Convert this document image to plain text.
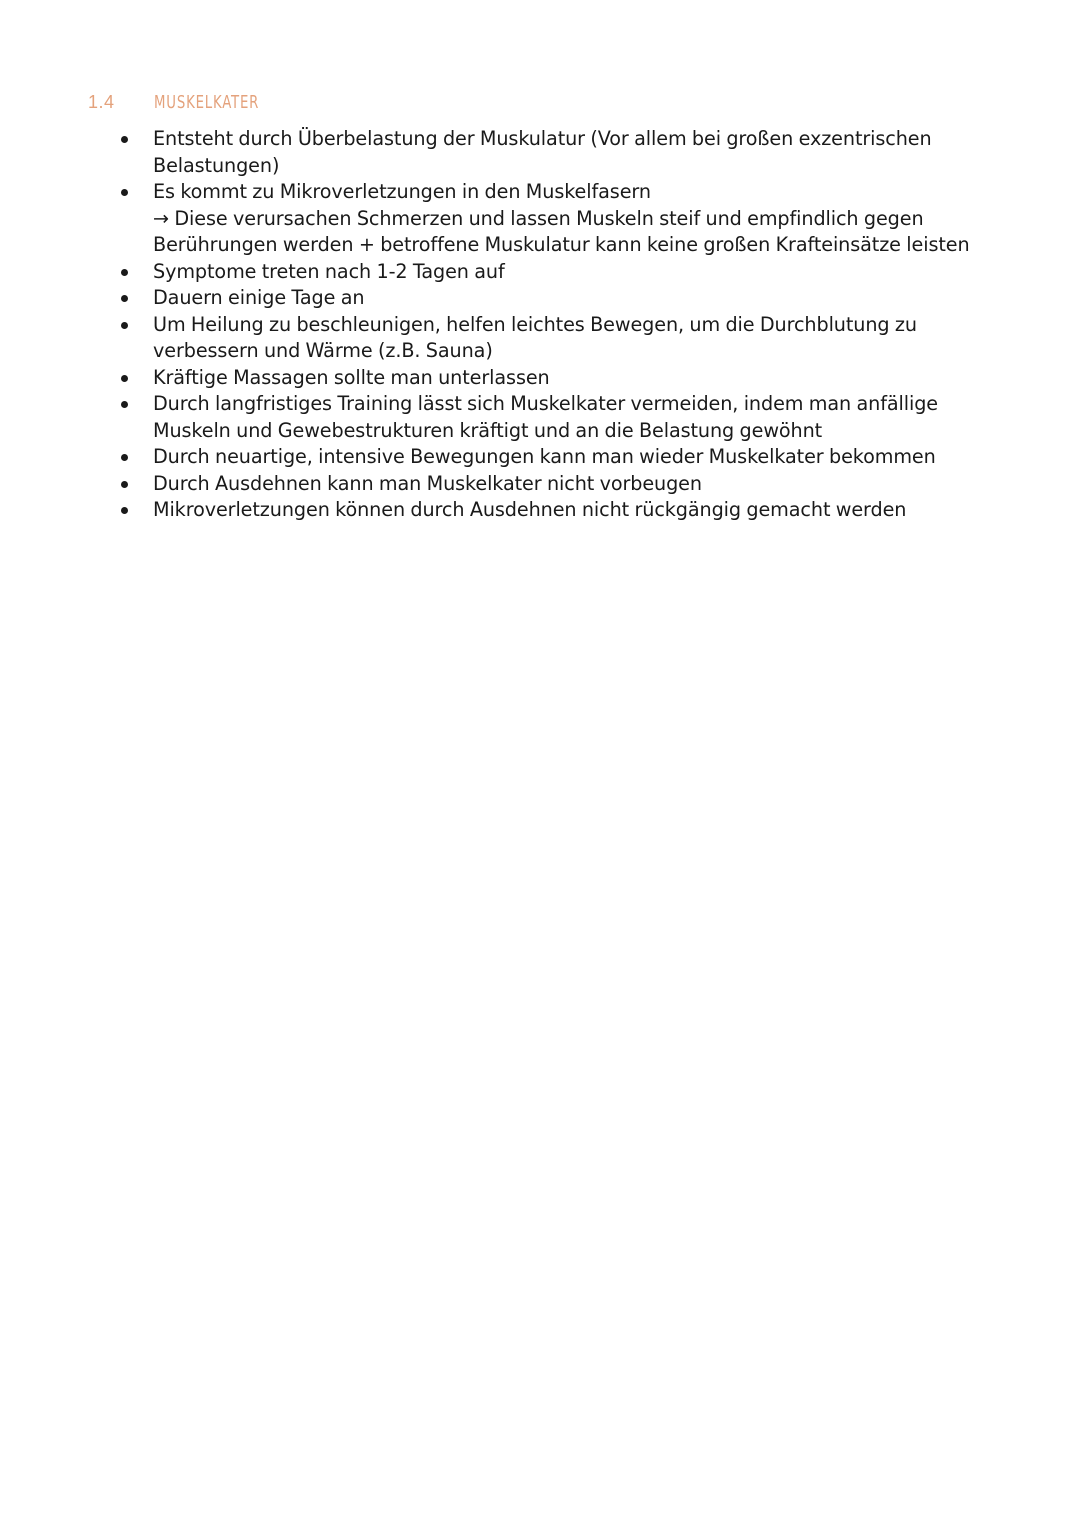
1.4 MUSKELKATER
Entsteht durch Überbelastung der Muskulatur (Vor allem bei großen exzentrischen
Belastungen)
Es kommt zu Mikroverletzungen in den Muskelfasern
→ Diese verursachen Schmerzen und lassen Muskeln steif und empfindlich gegen
Berührungen werden + betroffene Muskulatur kann keine großen Krafteinsätze leisten
Symptome treten nach 1-2 Tagen auf
Dauern einige Tage an
Um Heilung zu beschleunigen, helfen leichtes Bewegen, um die Durchblutung zu
verbessern und Wärme (z.B. Sauna)
Kräftige Massagen sollte man unterlassen
Durch langfristiges Training lässt sich Muskelkater vermeiden, indem man anfällige
Muskeln und Gewebestrukturen kräftigt und an die Belastung gewöhnt
Durch neuartige, intensive Bewegungen kann man wieder Muskelkater bekommen
Durch Ausdehnen kann man Muskelkater nicht vorbeugen
Mikroverletzungen können durch Ausdehnen nicht rückgängig gemacht werden
